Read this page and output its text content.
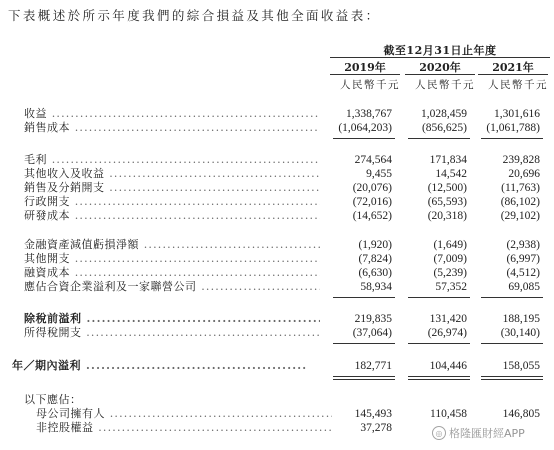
下表概述於所示年度我們的綜合損益及其他全面收益表：
截至12月31日止年度
2019年	2020年	2021年
人民幣千元	人民幣千元	人民幣千元
收益 .....	1,338,767	1,028,459	1,301,616
銷售成本 .....	(1,064,203)	(856,625)	(1,061,788)
毛利 .....	274,564	171,834	239,828
其他收入及收益 .....	9,455	14,542	20,696
銷售及分銷開支 .....	(20,076)	(12,500)	(11,763)
行政開支 .....	(72,016)	(65,593)	(86,102)
研發成本 .....	(14,652)	(20,318)	(29,102)
金融資產減值虧損淨額 .....	(1,920)	(1,649)	(2,938)
其他開支 .....	(7,824)	(7,009)	(6,997)
融資成本 .....	(6,630)	(5,239)	(4,512)
應佔合資企業溢利及一家聯營公司 .....	58,934	57,352	69,085
除稅前溢利 .....	219,835	131,420	188,195
所得稅開支 .....	(37,064)	(26,974)	(30,140)
年／期內溢利 .....	182,771	104,446	158,055
以下應佔：
母公司擁有人 .....	145,493	110,458	146,805
非控股權益 .....	37,278	◎ 格隆匯財經APP
